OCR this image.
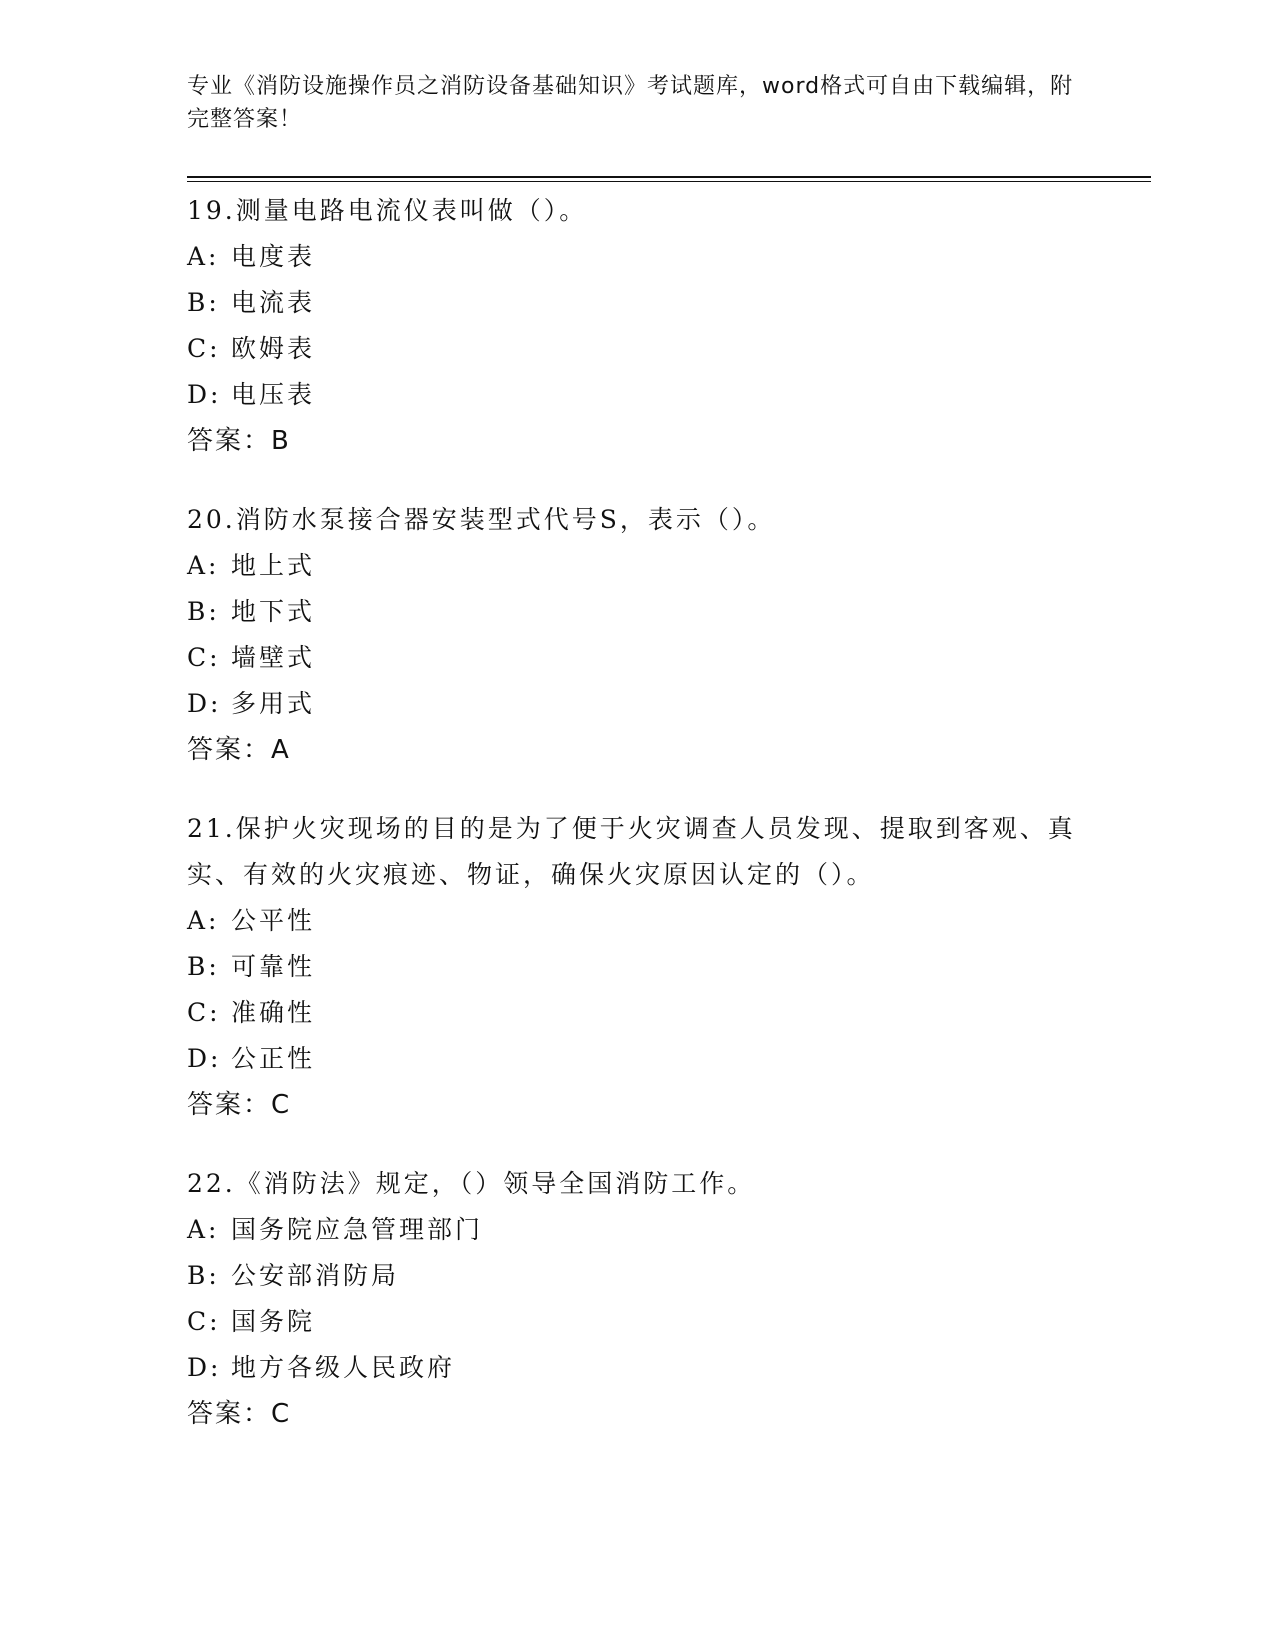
专业《消防设施操作员之消防设备基础知识》考试题库，word格式可自由下载编辑，附完整答案！
19.测量电路电流仪表叫做（）。
A: 电度表
B: 电流表
C: 欧姆表
D: 电压表
答案：B
20.消防水泵接合器安装型式代号S，表示（）。
A: 地上式
B: 地下式
C: 墙壁式
D: 多用式
答案：A
21.保护火灾现场的目的是为了便于火灾调查人员发现、提取到客观、真实、有效的火灾痕迹、物证，确保火灾原因认定的（）。
A: 公平性
B: 可靠性
C: 准确性
D: 公正性
答案：C
22.《消防法》规定，（）领导全国消防工作。
A: 国务院应急管理部门
B: 公安部消防局
C: 国务院
D: 地方各级人民政府
答案：C
